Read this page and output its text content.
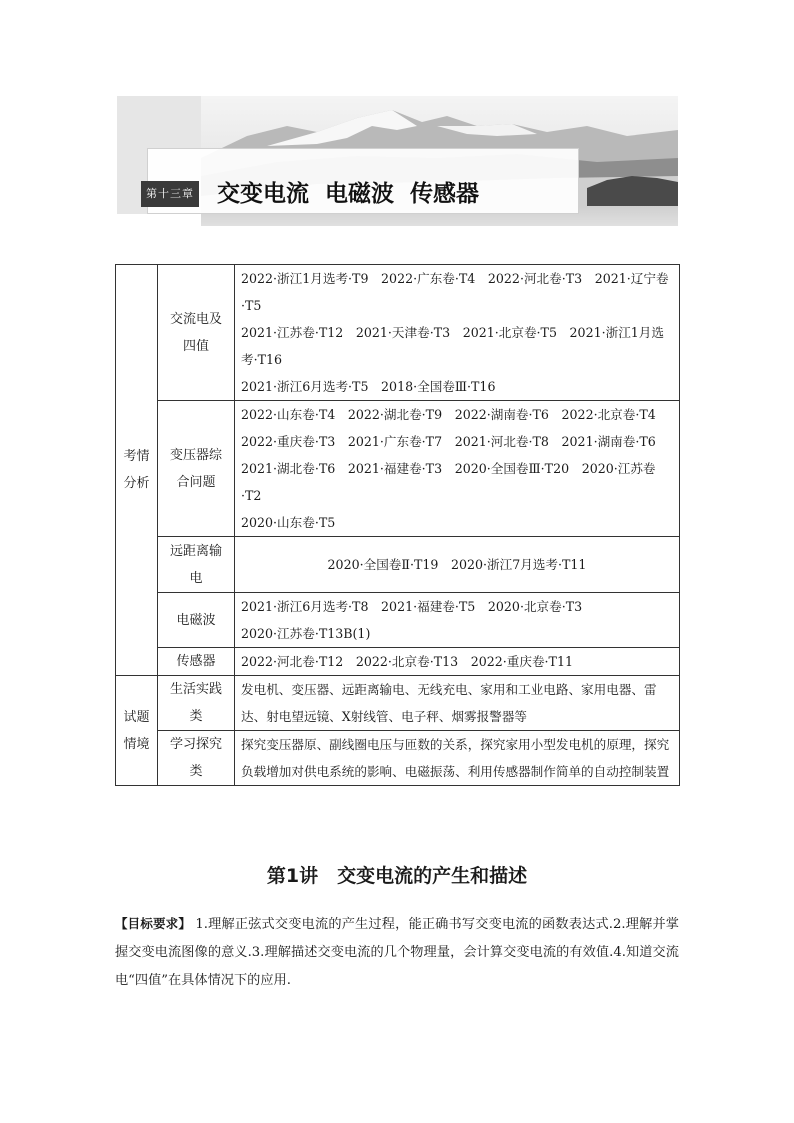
第十三章 交变电流 电磁波 传感器
考情分析	交流电及四值	2022·浙江1月选考·T9　2022·广东卷·T4　2022·河北卷·T3　2021·辽宁卷·T5
2021·江苏卷·T12　2021·天津卷·T3　2021·北京卷·T5　2021·浙江1月选考·T16
2021·浙江6月选考·T5　2018·全国卷Ⅲ·T16

	变压器综合问题	2022·山东卷·T4　2022·湖北卷·T9　2022·湖南卷·T6　2022·北京卷·T4
2022·重庆卷·T3　2021·广东卷·T7　2021·河北卷·T8　2021·湖南卷·T6
2021·湖北卷·T6　2021·福建卷·T3　2020·全国卷Ⅲ·T20　2020·江苏卷·T2
2020·山东卷·T5

	远距离输电	2020·全国卷Ⅱ·T19　2020·浙江7月选考·T11

	电磁波	2021·浙江6月选考·T8　2021·福建卷·T5　2020·北京卷·T3
2020·江苏卷·T13B(1)

	传感器	2022·河北卷·T12　2022·北京卷·T13　2022·重庆卷·T11

试题情境	生活实践类	发电机、变压器、远距离输电、无线充电、家用和工业电路、家用电器、雷达、射电望远镜、X射线管、电子秤、烟雾报警器等
	学习探究类	探究变压器原、副线圈电压与匝数的关系，探究家用小型发电机的原理，探究负载增加对供电系统的影响、电磁振荡、利用传感器制作简单的自动控制装置
第1讲　交变电流的产生和描述
【目标要求】 1.理解正弦式交变电流的产生过程，能正确书写交变电流的函数表达式.2.理解并掌握交变电流图像的意义.3.理解描述交变电流的几个物理量，会计算交变电流的有效值.4.知道交流电“四值”在具体情况下的应用.
